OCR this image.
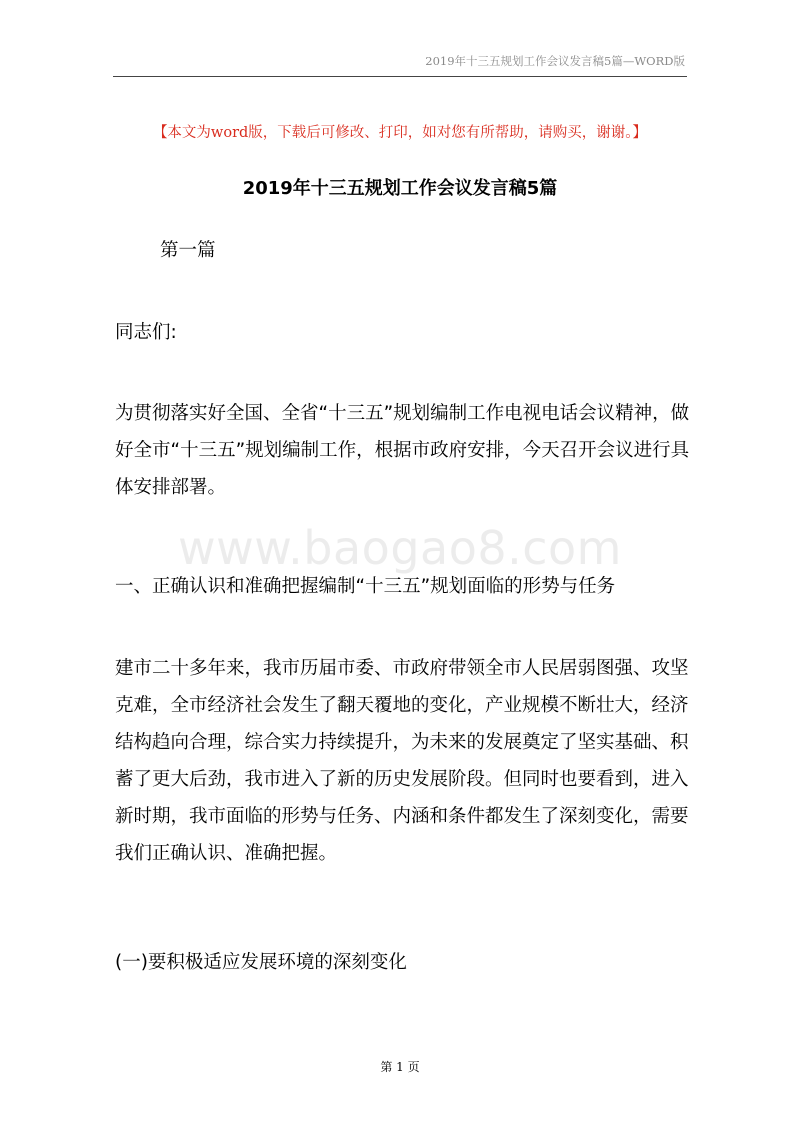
2019年十三五规划工作会议发言稿5篇—WORD版
【本文为word版，下载后可修改、打印，如对您有所帮助，请购买，谢谢。】
2019年十三五规划工作会议发言稿5篇

第一篇

同志们:

为贯彻落实好全国、全省“十三五”规划编制工作电视电话会议精神，做好全市“十三五”规划编制工作，根据市政府安排，今天召开会议进行具体安排部署。

www.baogao8.com

一、正确认识和准确把握编制“十三五”规划面临的形势与任务

建市二十多年来，我市历届市委、市政府带领全市人民居弱图强、攻坚克难，全市经济社会发生了翻天覆地的变化，产业规模不断壮大，经济结构趋向合理，综合实力持续提升，为未来的发展奠定了坚实基础、积蓄了更大后劲，我市进入了新的历史发展阶段。但同时也要看到，进入新时期，我市面临的形势与任务、内涵和条件都发生了深刻变化，需要我们正确认识、准确把握。

(一)要积极适应发展环境的深刻变化

第 1 页
